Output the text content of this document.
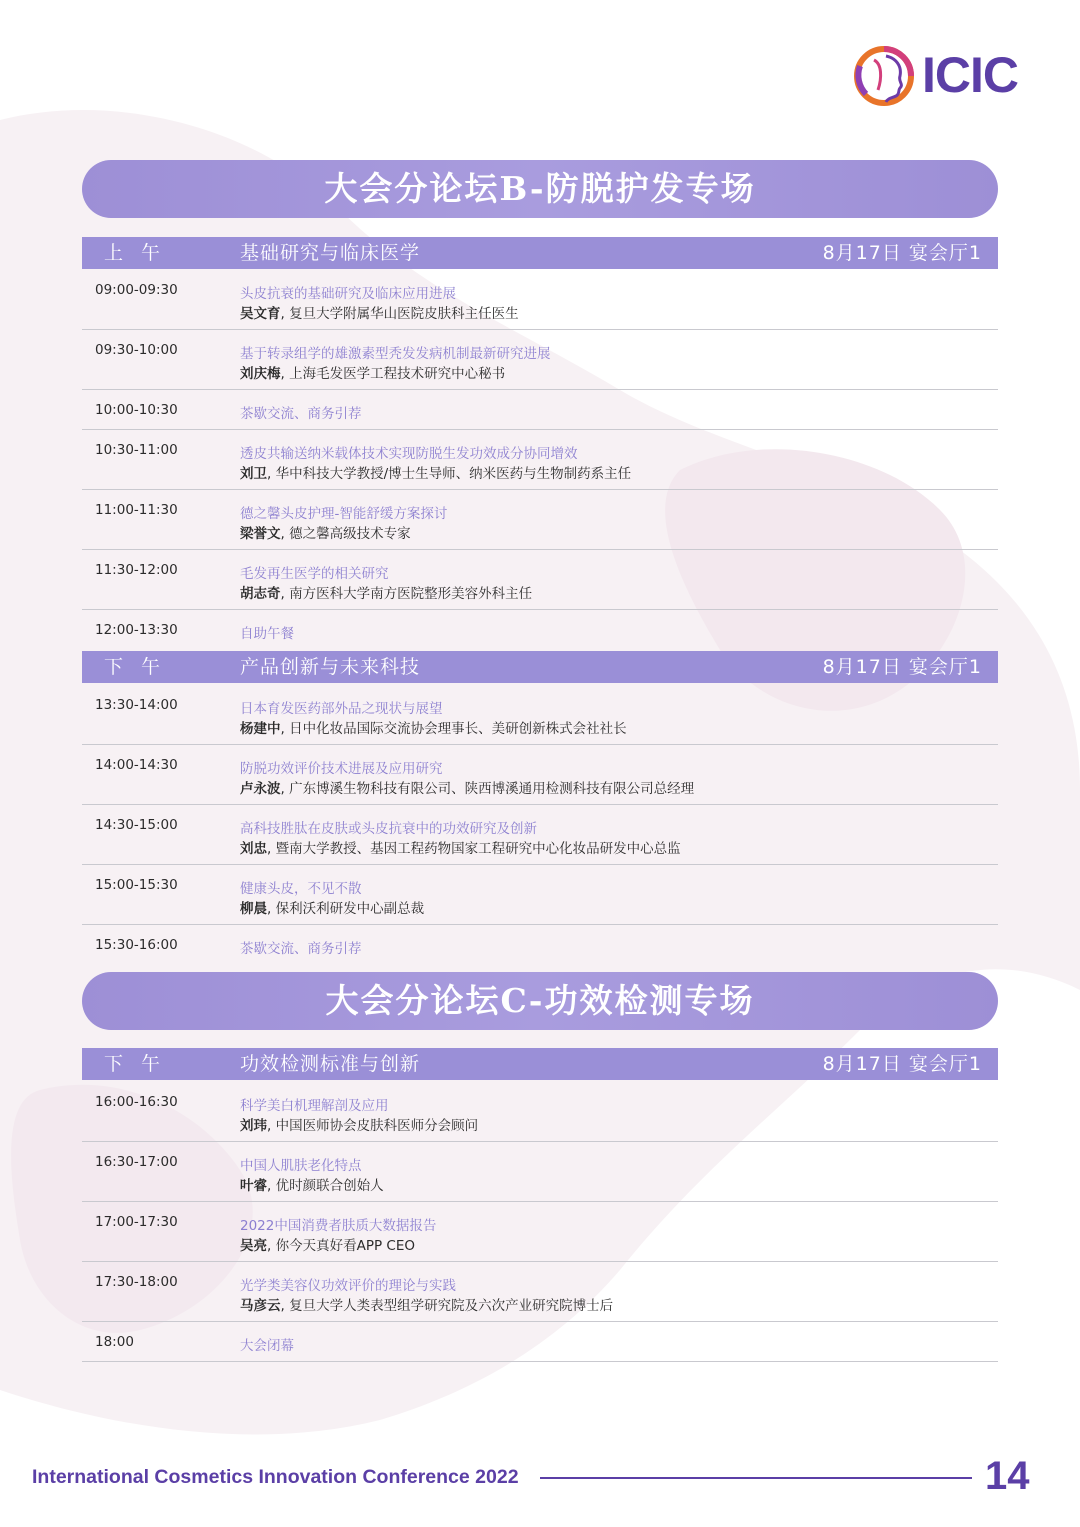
ICIC
大会分论坛B-防脱护发专场
上 午	基础研究与临床医学	8月17日 宴会厅1
09:00-09:30	头皮抗衰的基础研究及临床应用进展
吴文育, 复旦大学附属华山医院皮肤科主任医生
09:30-10:00	基于转录组学的雄激素型秃发发病机制最新研究进展
刘庆梅, 上海毛发医学工程技术研究中心秘书
10:00-10:30	茶歇交流、商务引荐
10:30-11:00	透皮共输送纳米载体技术实现防脱生发功效成分协同增效
刘卫, 华中科技大学教授/博士生导师、纳米医药与生物制药系主任
11:00-11:30	德之馨头皮护理-智能舒缓方案探讨
梁誉文, 德之馨高级技术专家
11:30-12:00	毛发再生医学的相关研究
胡志奇, 南方医科大学南方医院整形美容外科主任
12:00-13:30	自助午餐
下 午	产品创新与未来科技	8月17日 宴会厅1
13:30-14:00	日本育发医药部外品之现状与展望
杨建中, 日中化妆品国际交流协会理事长、美研创新株式会社社长
14:00-14:30	防脱功效评价技术进展及应用研究
卢永波, 广东博溪生物科技有限公司、陕西博溪通用检测科技有限公司总经理
14:30-15:00	高科技胜肽在皮肤或头皮抗衰中的功效研究及创新
刘忠, 暨南大学教授、基因工程药物国家工程研究中心化妆品研发中心总监
15:00-15:30	健康头皮，不见不散
柳晨, 保利沃利研发中心副总裁
15:30-16:00	茶歇交流、商务引荐
大会分论坛C-功效检测专场
下 午	功效检测标准与创新	8月17日 宴会厅1
16:00-16:30	科学美白机理解剖及应用
刘玮, 中国医师协会皮肤科医师分会顾问
16:30-17:00	中国人肌肤老化特点
叶睿, 优时颜联合创始人
17:00-17:30	2022中国消费者肤质大数据报告
吴亮, 你今天真好看APP CEO
17:30-18:00	光学类美容仪功效评价的理论与实践
马彦云, 复旦大学人类表型组学研究院及六次产业研究院博士后
18:00	大会闭幕
International Cosmetics Innovation Conference 2022	14
